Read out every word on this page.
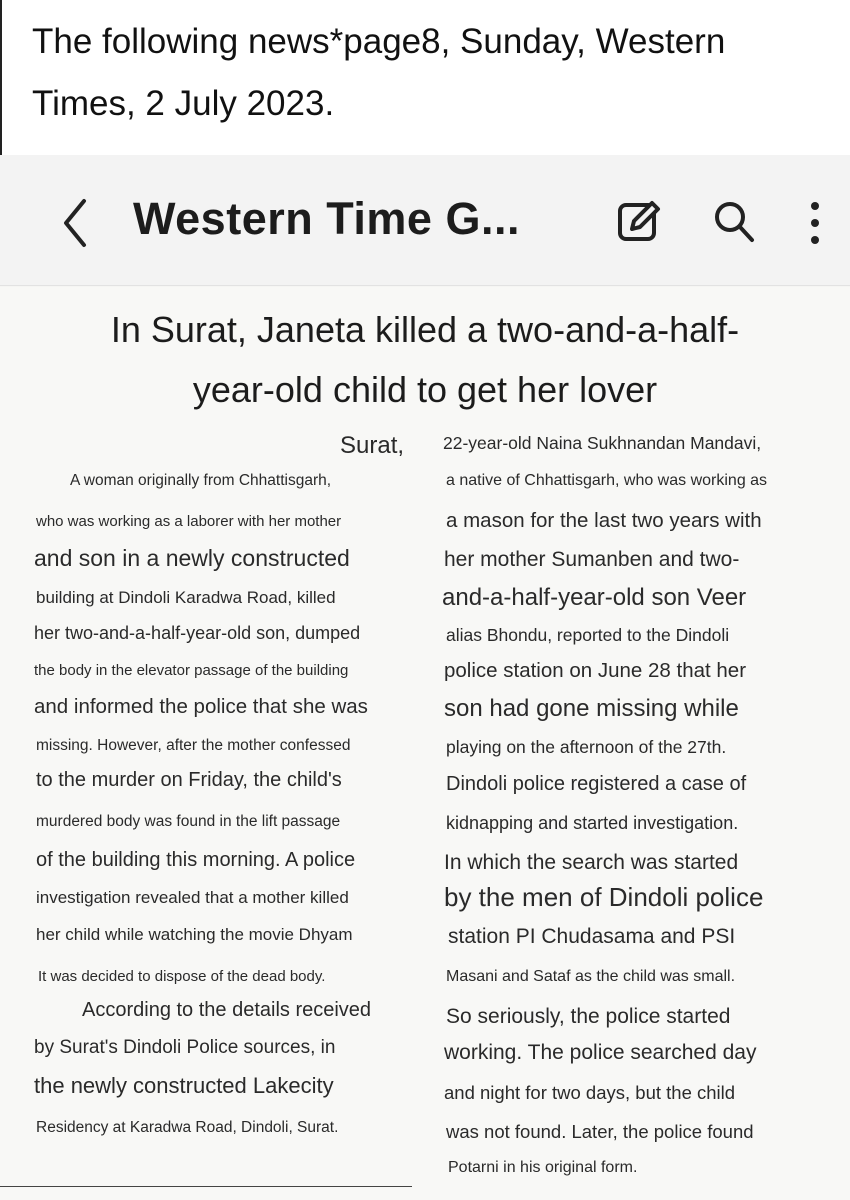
The following news*page8, Sunday, Western
Times, 2 July 2023.
Western Time G...
In Surat, Janeta killed a two-and-a-half-
year-old child to get her lover
Surat,
A woman originally from Chhattisgarh,
who was working as a laborer with her mother
and son in a newly constructed
building at Dindoli Karadwa Road, killed
her two-and-a-half-year-old son, dumped
the body in the elevator passage of the building
and informed the police that she was
missing. However, after the mother confessed
to the murder on Friday, the child's
murdered body was found in the lift passage
of the building this morning. A police
investigation revealed that a mother killed
her child while watching the movie Dhyam
It was decided to dispose of the dead body.
According to the details received
by Surat's Dindoli Police sources, in
the newly constructed Lakecity
Residency at Karadwa Road, Dindoli, Surat.
22-year-old Naina Sukhnandan Mandavi,
a native of Chhattisgarh, who was working as
a mason for the last two years with
her mother Sumanben and two-
and-a-half-year-old son Veer
alias Bhondu, reported to the Dindoli
police station on June 28 that her
son had gone missing while
playing on the afternoon of the 27th.
Dindoli police registered a case of
kidnapping and started investigation.
In which the search was started
by the men of Dindoli police
station PI Chudasama and PSI
Masani and Sataf as the child was small.
So seriously, the police started
working. The police searched day
and night for two days, but the child
was not found. Later, the police found
Potarni in his original form.
